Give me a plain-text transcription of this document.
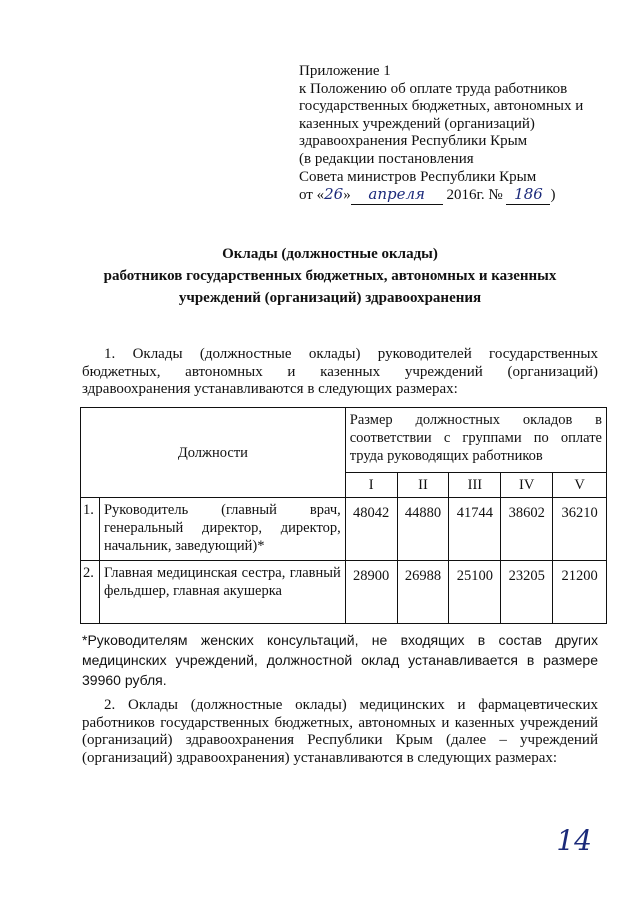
Приложение 1
к Положению об оплате труда работников
государственных бюджетных, автономных и
казенных учреждений (организаций)
здравоохранения Республики Крым
(в редакции постановления
Совета министров Республики Крым
от «26» апреля 2016г. № 186 )
Оклады (должностные оклады)
работников государственных бюджетных, автономных и казенных
учреждений (организаций) здравоохранения
1. Оклады (должностные оклады) руководителей государственных бюджетных, автономных и казенных учреждений (организаций) здравоохранения устанавливаются в следующих размерах:
Должности		Размер должностных окладов в соответствии с группами по оплате труда руководящих работников				
		I	II	III	IV	V
1.	Руководитель (главный врач, генеральный директор, директор, начальник, заведующий)*	48042	44880	41744	38602	36210
2.	Главная медицинская сестра, главный фельдшер, главная акушерка	28900	26988	25100	23205	21200
*Руководителям женских консультаций, не входящих в состав других медицинских учреждений, должностной оклад устанавливается в размере 39960 рубля.
2. Оклады (должностные оклады) медицинских и фармацевтических работников государственных бюджетных, автономных и казенных учреждений (организаций) здравоохранения Республики Крым (далее – учреждений (организаций) здравоохранения) устанавливаются в следующих размерах:
14
